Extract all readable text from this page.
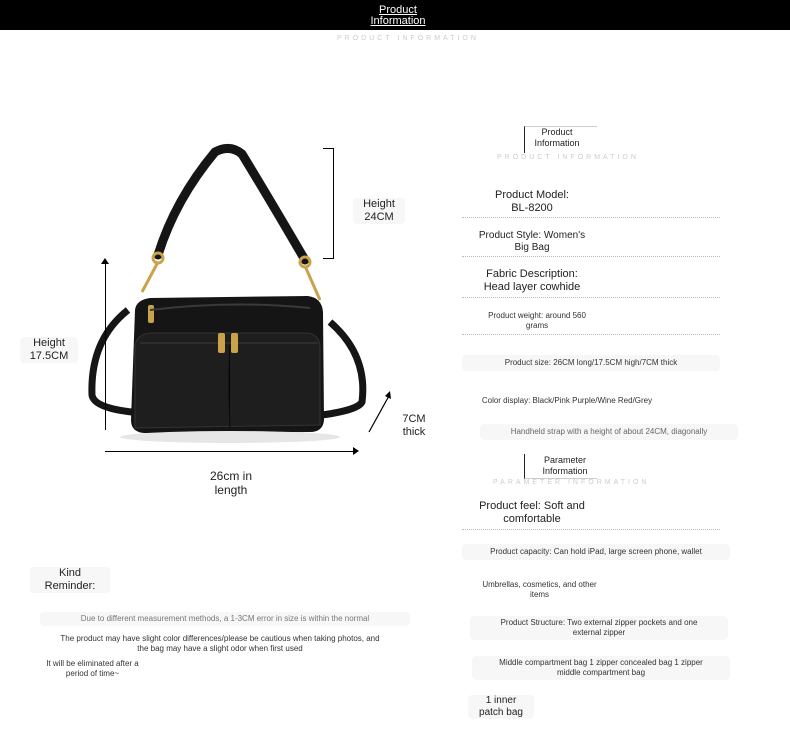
Product
Information
PRODUCT INFORMATION
Height
24CM
Height
17.5CM
7CM
thick
26cm in
length
Product
Information
PRODUCT INFORMATION
Product Model:
BL-8200
Product Style: Women's
Big Bag
Fabric Description:
Head layer cowhide
Product weight: around 560
grams
Product size: 26CM long/17.5CM high/7CM thick
Color display: Black/Pink Purple/Wine Red/Grey
Handheld strap with a height of about 24CM, diagonally
Parameter
Information
PARAMETER INFORMATION
Product feel: Soft and
comfortable
Product capacity: Can hold iPad, large screen phone, wallet
Umbrellas, cosmetics, and other
items
Product Structure: Two external zipper pockets and one
external zipper
Middle compartment bag 1 zipper concealed bag 1 zipper
middle compartment bag
1 inner
patch bag
Kind
Reminder:
Due to different measurement methods, a 1-3CM error in size is within the normal
The product may have slight color differences/please be cautious when taking photos, and
the bag may have a slight odor when first used
It will be eliminated after a
period of time~
